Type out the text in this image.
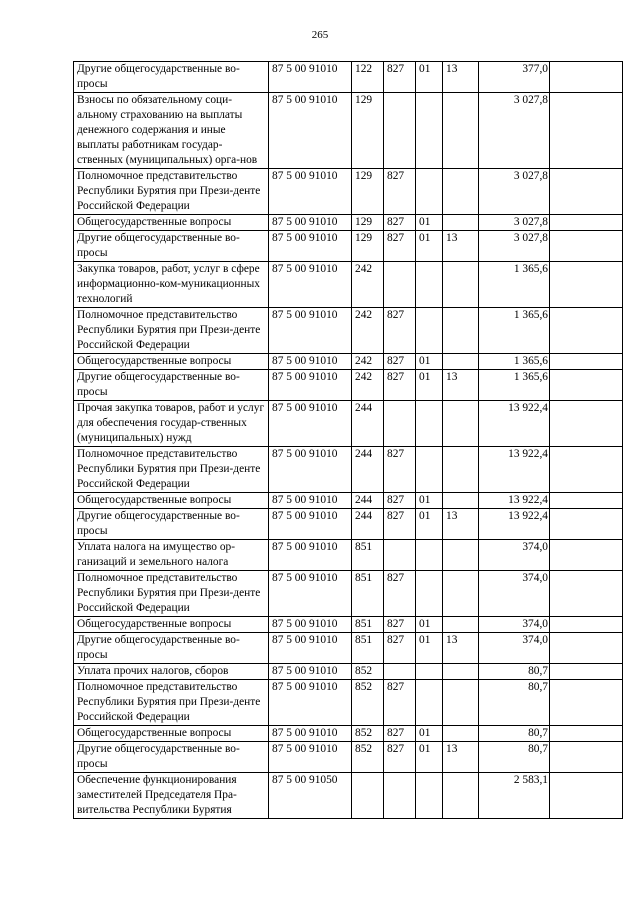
265
Другие общегосударственные во-просы	87 5 00 91010	122	827	01	13	377,0	
Взносы по обязательному соци-альному страхованию на выплаты денежного содержания и иные выплаты работникам государ-ственных (муниципальных) орга-нов	87 5 00 91010	129				3 027,8	
Полномочное представительство Республики Бурятия при Прези-денте Российской Федерации	87 5 00 91010	129	827			3 027,8	
Общегосударственные вопросы	87 5 00 91010	129	827	01		3 027,8	
Другие общегосударственные во-просы	87 5 00 91010	129	827	01	13	3 027,8	
Закупка товаров, работ, услуг в сфере информационно-ком-муникационных технологий	87 5 00 91010	242				1 365,6	
Полномочное представительство Республики Бурятия при Прези-денте Российской Федерации	87 5 00 91010	242	827			1 365,6	
Общегосударственные вопросы	87 5 00 91010	242	827	01		1 365,6	
Другие общегосударственные во-просы	87 5 00 91010	242	827	01	13	1 365,6	
Прочая закупка товаров, работ и услуг для обеспечения государ-ственных (муниципальных) нужд	87 5 00 91010	244				13 922,4	
Полномочное представительство Республики Бурятия при Прези-денте Российской Федерации	87 5 00 91010	244	827			13 922,4	
Общегосударственные вопросы	87 5 00 91010	244	827	01		13 922,4	
Другие общегосударственные во-просы	87 5 00 91010	244	827	01	13	13 922,4	
Уплата налога на имущество ор-ганизаций и земельного налога	87 5 00 91010	851				374,0	
Полномочное представительство Республики Бурятия при Прези-денте Российской Федерации	87 5 00 91010	851	827			374,0	
Общегосударственные вопросы	87 5 00 91010	851	827	01		374,0	
Другие общегосударственные во-просы	87 5 00 91010	851	827	01	13	374,0	
Уплата прочих налогов, сборов	87 5 00 91010	852				80,7	
Полномочное представительство Республики Бурятия при Прези-денте Российской Федерации	87 5 00 91010	852	827			80,7	
Общегосударственные вопросы	87 5 00 91010	852	827	01		80,7	
Другие общегосударственные во-просы	87 5 00 91010	852	827	01	13	80,7	
Обеспечение функционирования заместителей Председателя Пра-вительства Республики Бурятия	87 5 00 91050					2 583,1	
